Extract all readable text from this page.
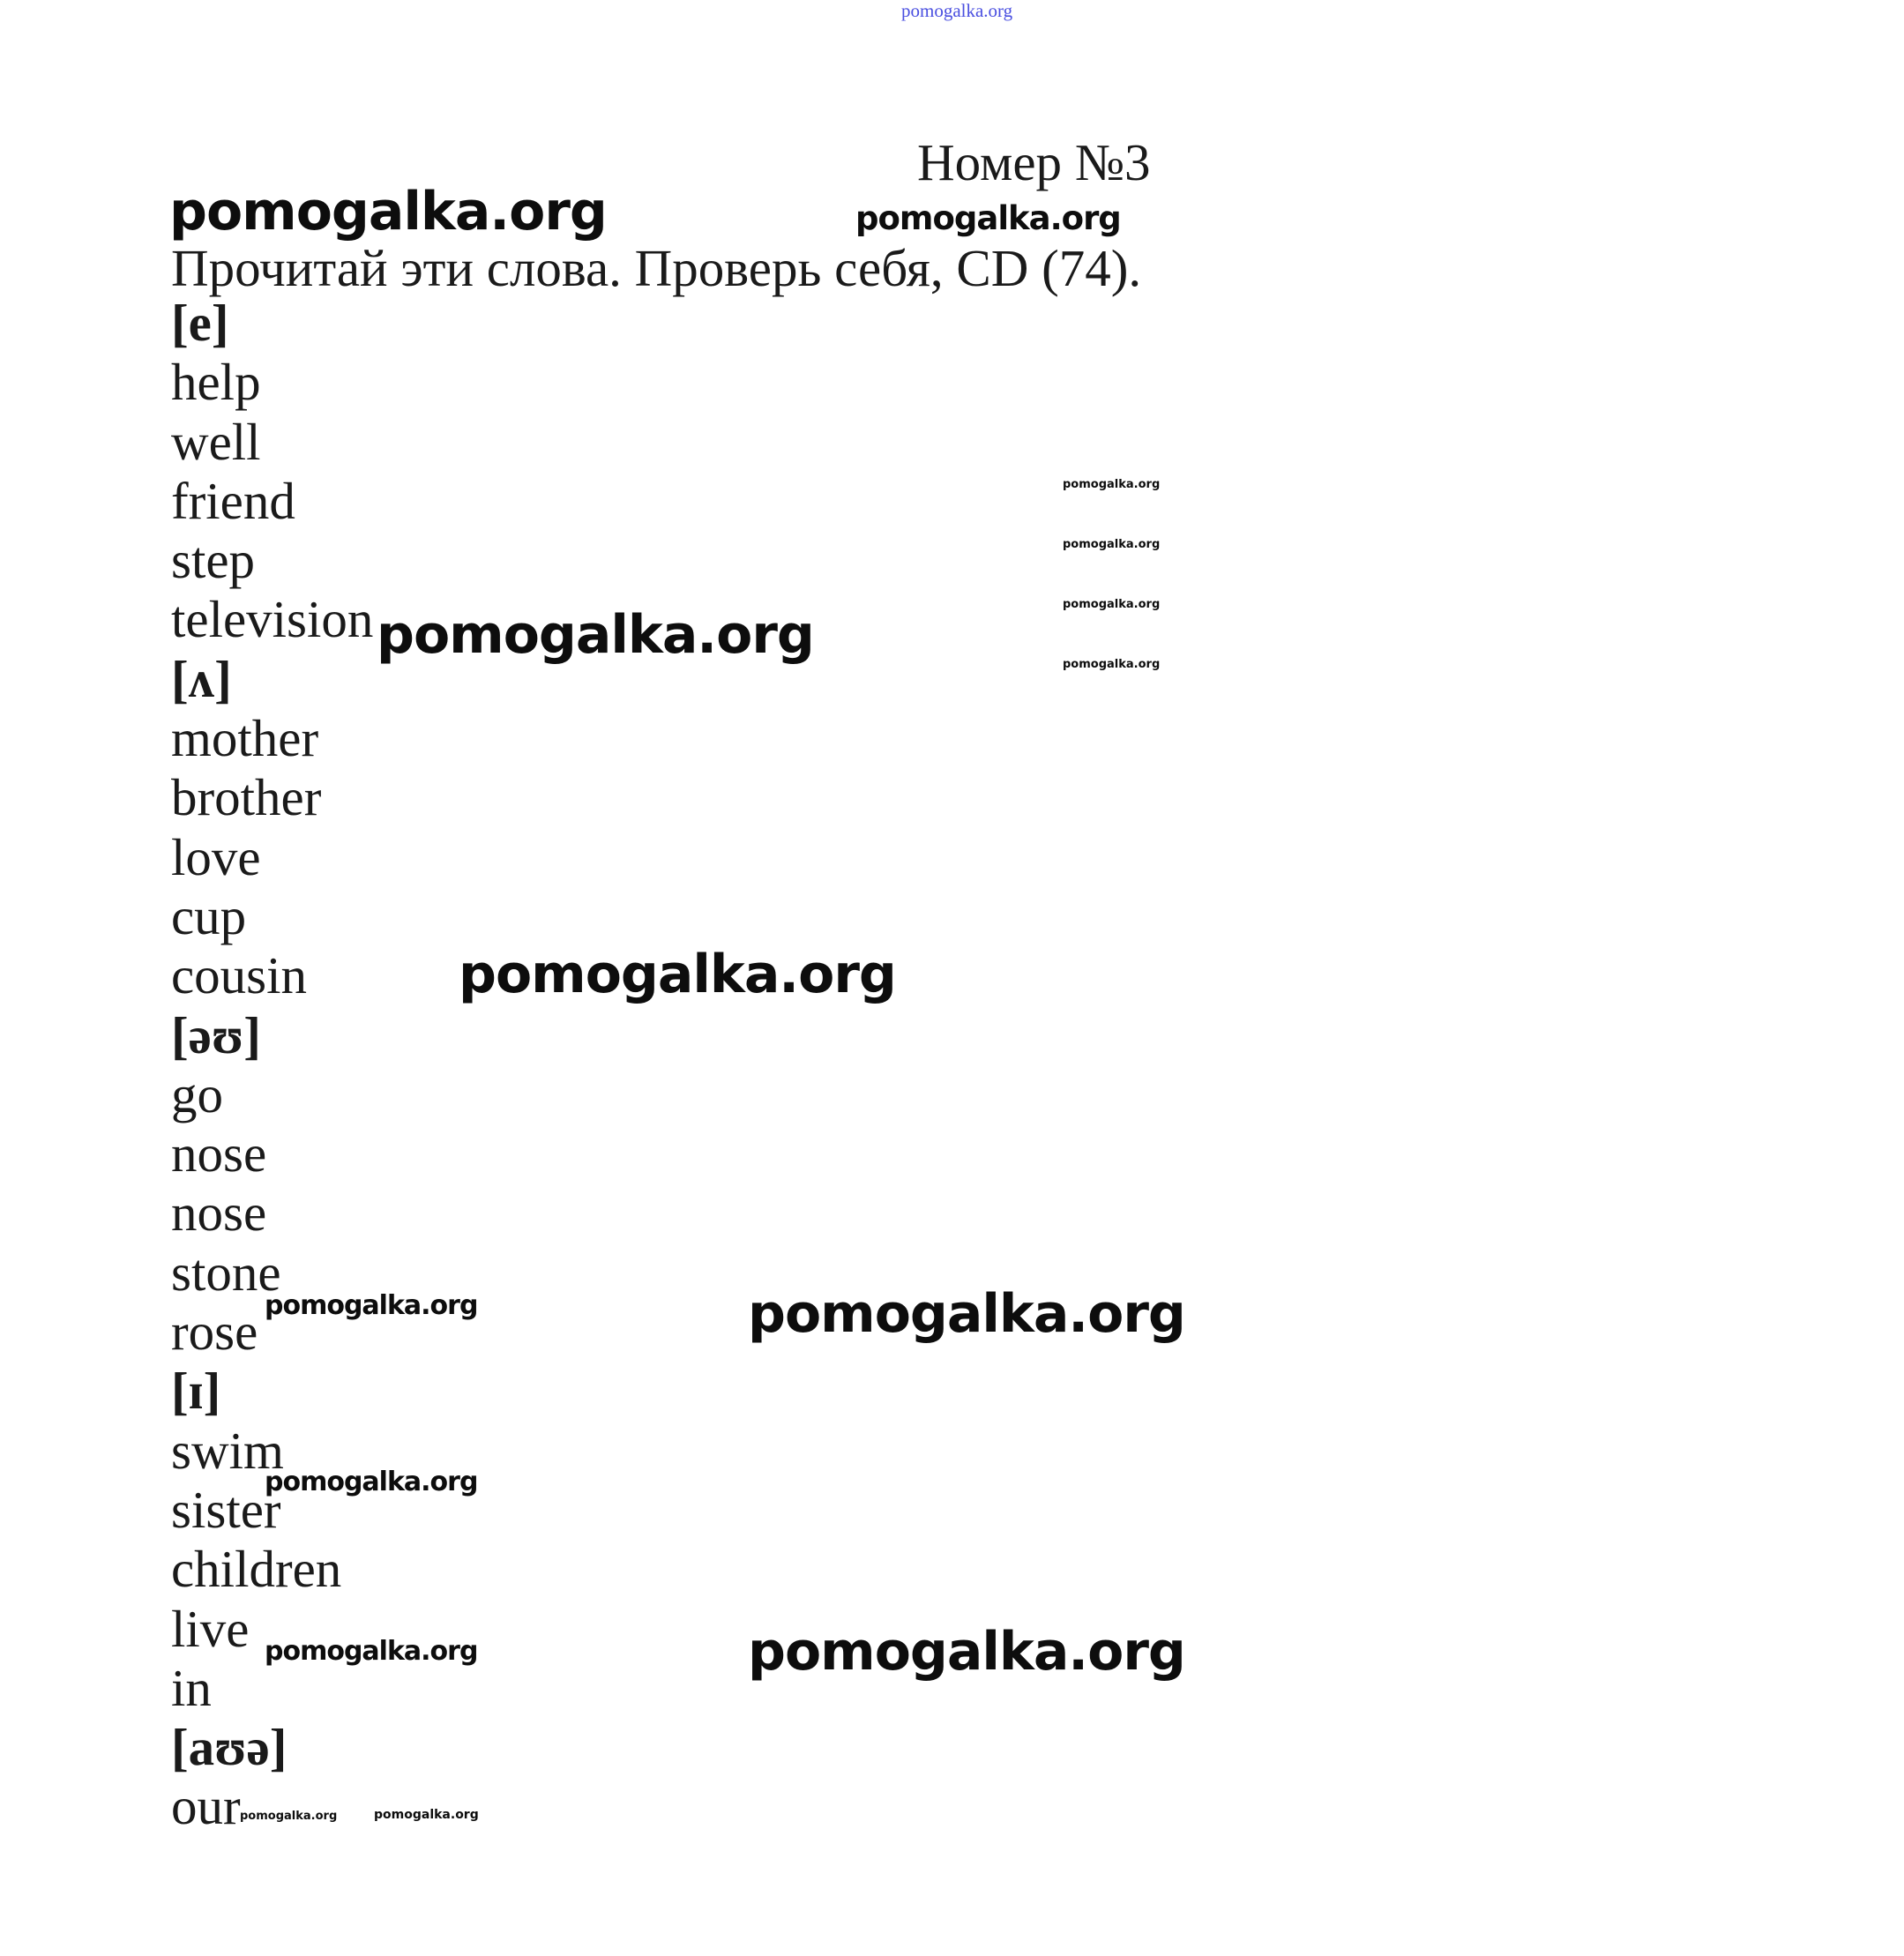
pomogalka.org
Номер №3
Прочитай эти слова. Проверь себя, CD (74).
[e]
help
well
friend
step
television
[ʌ]
mother
brother
love
cup
cousin
[əʊ]
go
nose
nose
stone
rose
[ɪ]
swim
sister
children
live
in
[aʊə]
our
pomogalka.org	pomogalka.org
pomogalka.org
pomogalka.org
pomogalka.org
pomogalka.org
pomogalka.org
pomogalka.org
pomogalka.org
pomogalka.org
pomogalka.org
pomogalka.org
pomogalka.org
pomogalka.org	pomogalka.org
